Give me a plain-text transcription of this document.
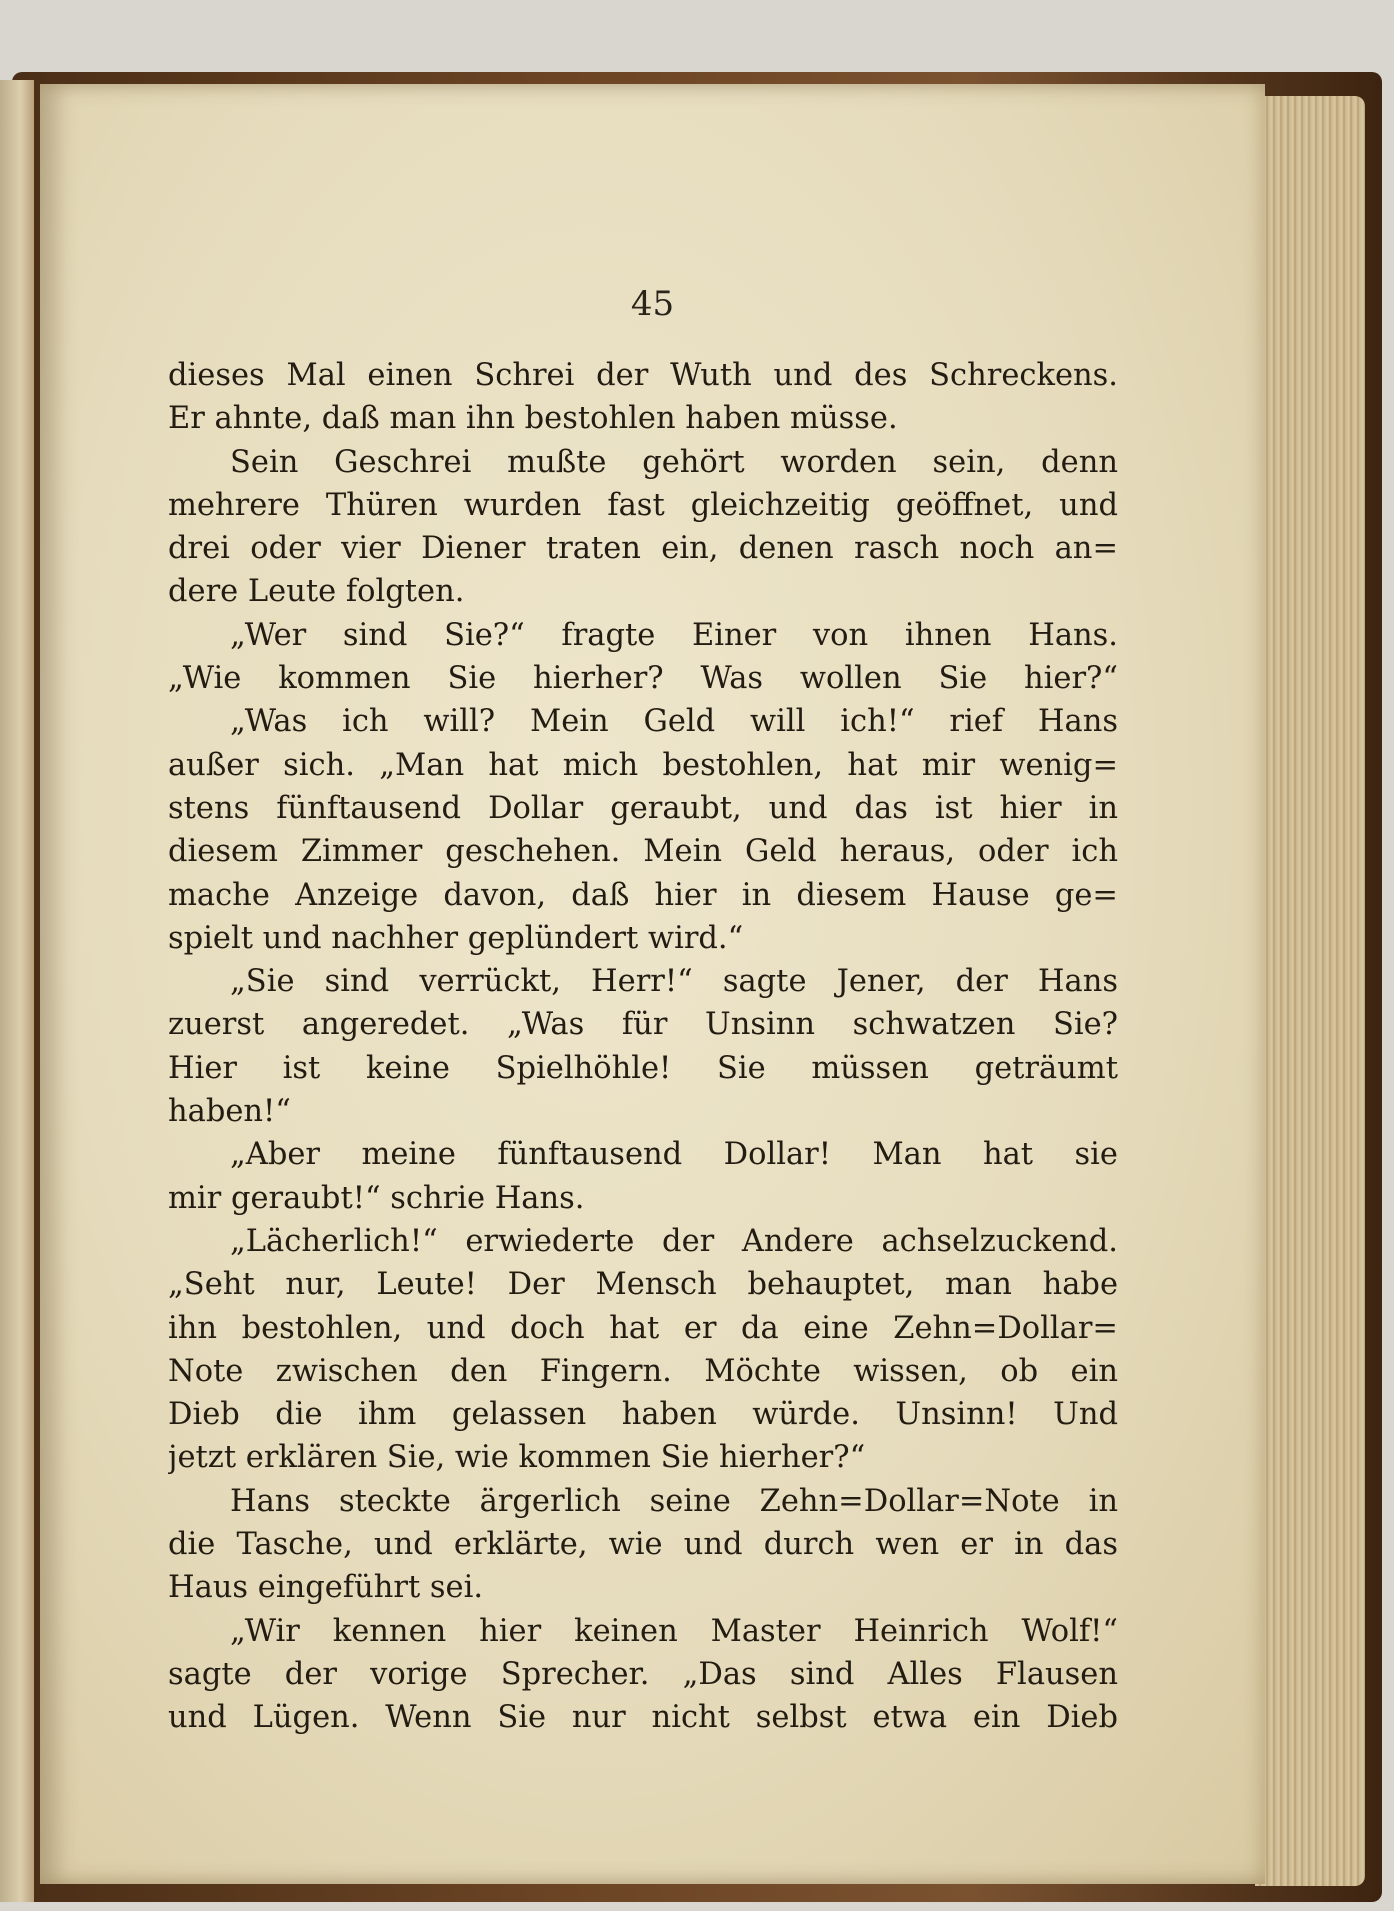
45
dieses Mal einen Schrei der Wuth und des Schreckens.
Er ahnte, daß man ihn bestohlen haben müsse.
Sein Geschrei mußte gehört worden sein, denn
mehrere Thüren wurden fast gleichzeitig geöffnet, und
drei oder vier Diener traten ein, denen rasch noch an=
dere Leute folgten.
„Wer sind Sie?“ fragte Einer von ihnen Hans.
„Wie kommen Sie hierher? Was wollen Sie hier?“
„Was ich will? Mein Geld will ich!“ rief Hans
außer sich. „Man hat mich bestohlen, hat mir wenig=
stens fünftausend Dollar geraubt, und das ist hier in
diesem Zimmer geschehen. Mein Geld heraus, oder ich
mache Anzeige davon, daß hier in diesem Hause ge=
spielt und nachher geplündert wird.“
„Sie sind verrückt, Herr!“ sagte Jener, der Hans
zuerst angeredet. „Was für Unsinn schwatzen Sie?
Hier ist keine Spielhöhle! Sie müssen geträumt
haben!“
„Aber meine fünftausend Dollar! Man hat sie
mir geraubt!“ schrie Hans.
„Lächerlich!“ erwiederte der Andere achselzuckend.
„Seht nur, Leute! Der Mensch behauptet, man habe
ihn bestohlen, und doch hat er da eine Zehn=Dollar=
Note zwischen den Fingern. Möchte wissen, ob ein
Dieb die ihm gelassen haben würde. Unsinn! Und
jetzt erklären Sie, wie kommen Sie hierher?“
Hans steckte ärgerlich seine Zehn=Dollar=Note in
die Tasche, und erklärte, wie und durch wen er in das
Haus eingeführt sei.
„Wir kennen hier keinen Master Heinrich Wolf!“
sagte der vorige Sprecher. „Das sind Alles Flausen
und Lügen. Wenn Sie nur nicht selbst etwa ein Dieb
